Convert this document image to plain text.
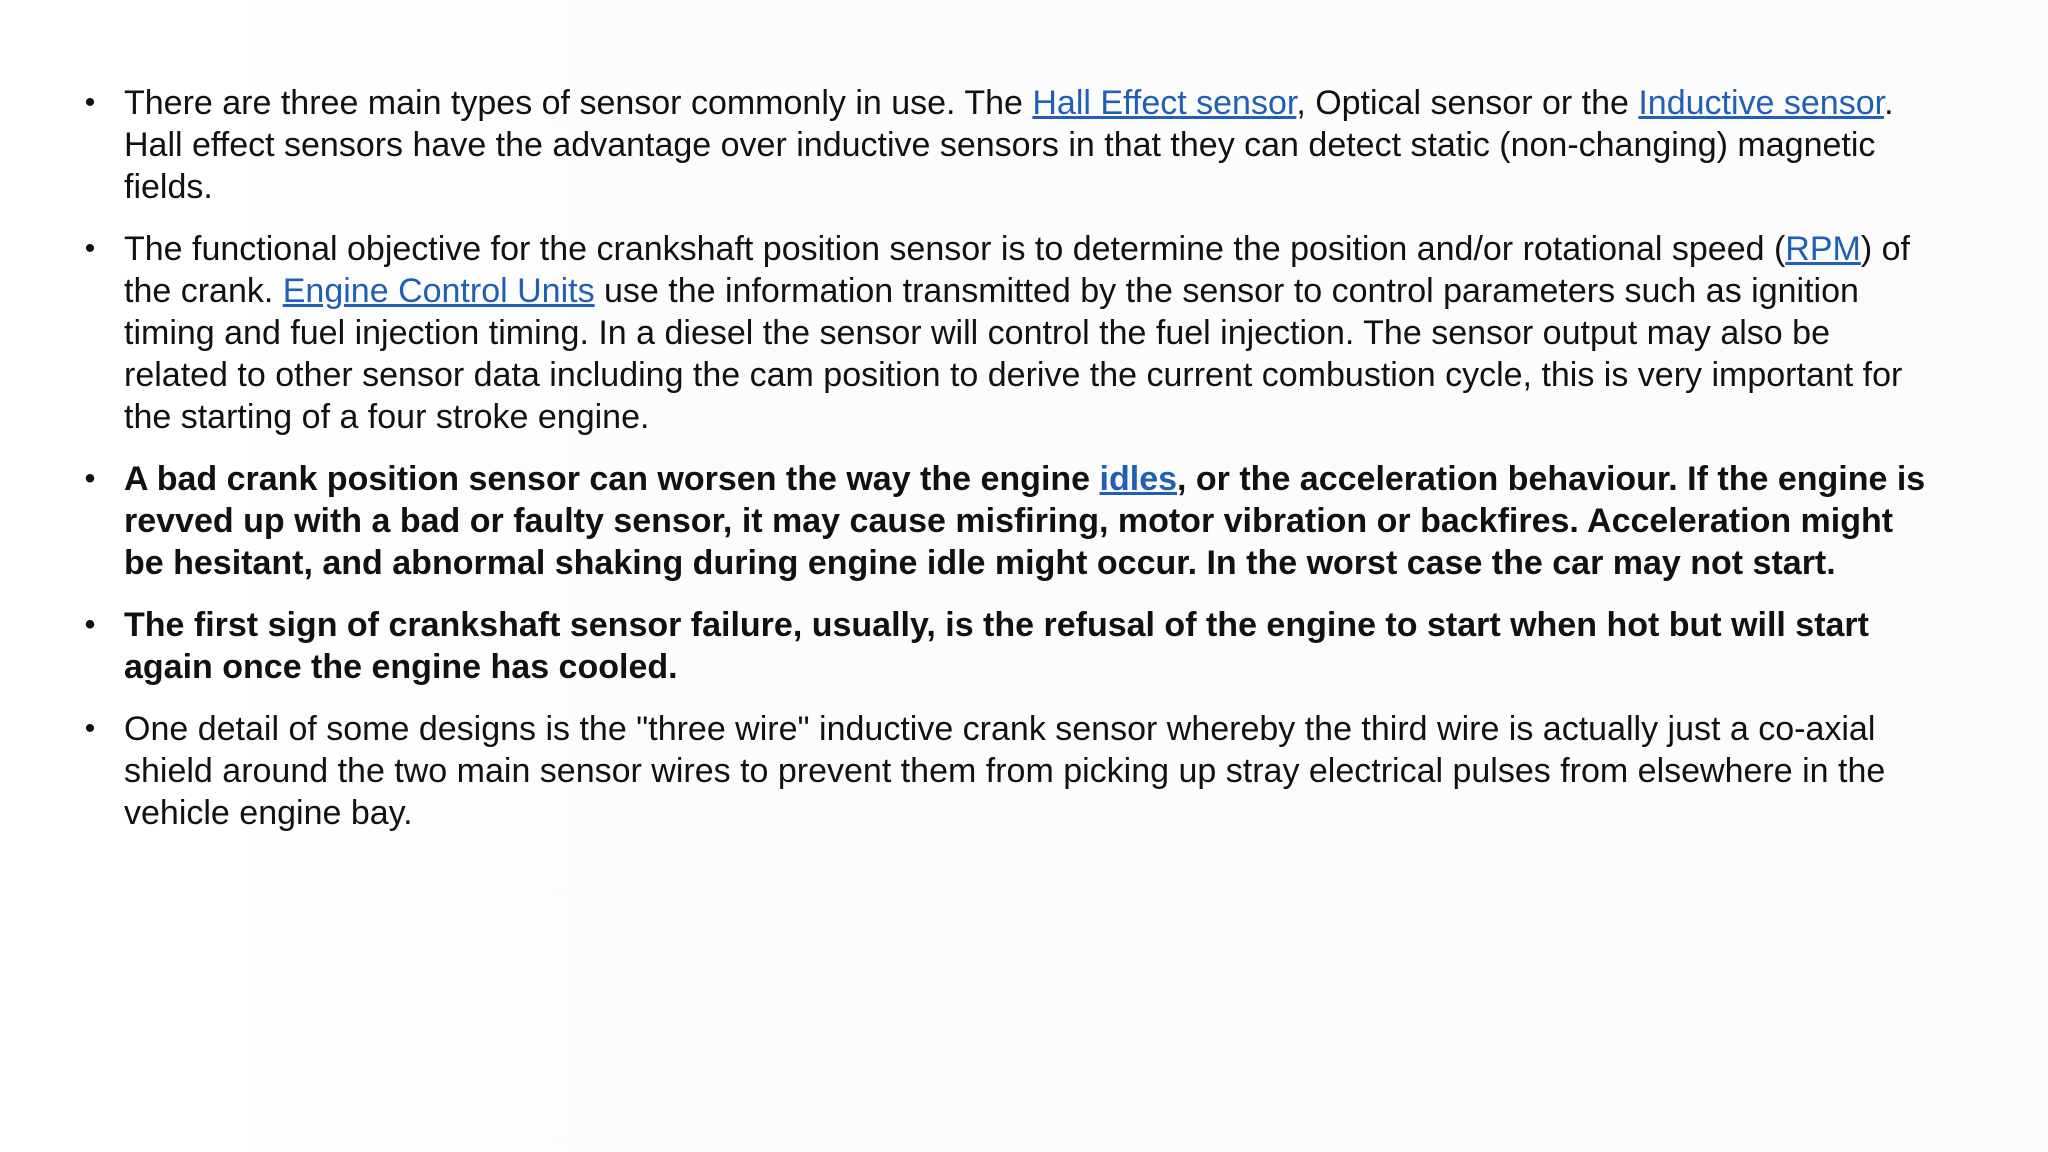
• There are three main types of sensor commonly in use. The Hall Effect sensor, Optical sensor or the Inductive sensor. Hall effect sensors have the advantage over inductive sensors in that they can detect static (non-changing) magnetic fields.
• The functional objective for the crankshaft position sensor is to determine the position and/or rotational speed (RPM) of the crank. Engine Control Units use the information transmitted by the sensor to control parameters such as ignition timing and fuel injection timing. In a diesel the sensor will control the fuel injection. The sensor output may also be related to other sensor data including the cam position to derive the current combustion cycle, this is very important for the starting of a four stroke engine.
• A bad crank position sensor can worsen the way the engine idles, or the acceleration behaviour. If the engine is revved up with a bad or faulty sensor, it may cause misfiring, motor vibration or backfires. Acceleration might be hesitant, and abnormal shaking during engine idle might occur. In the worst case the car may not start.
• The first sign of crankshaft sensor failure, usually, is the refusal of the engine to start when hot but will start again once the engine has cooled.
• One detail of some designs is the "three wire" inductive crank sensor whereby the third wire is actually just a co-axial shield around the two main sensor wires to prevent them from picking up stray electrical pulses from elsewhere in the vehicle engine bay.
